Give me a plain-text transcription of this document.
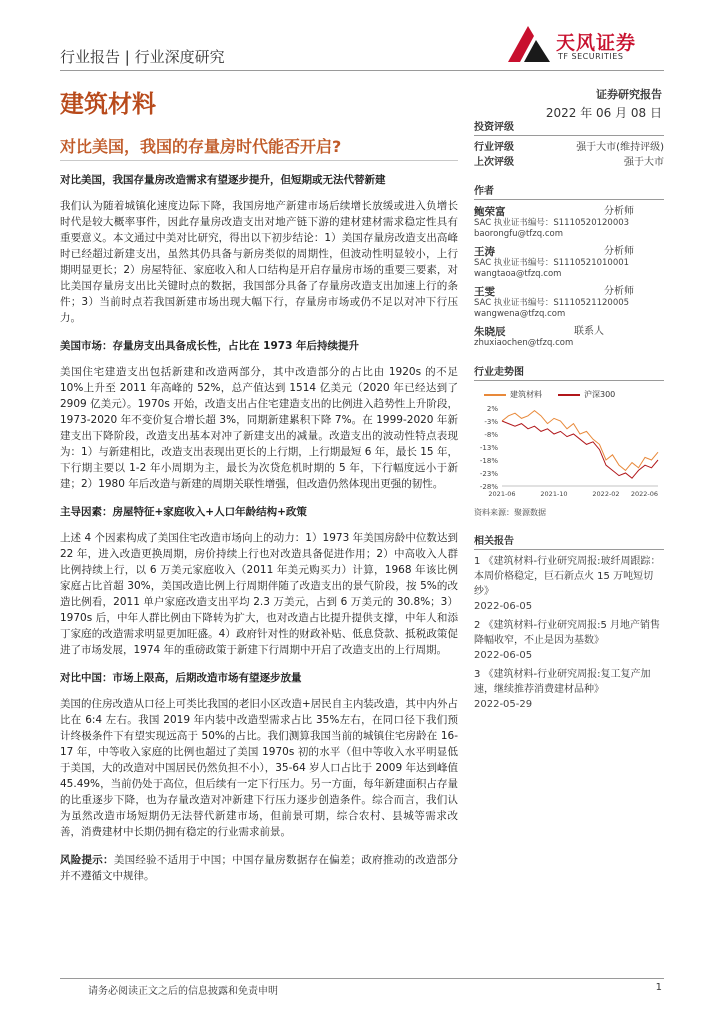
行业报告 | 行业深度研究
建筑材料
天风证券
TF SECURITIES
证券研究报告
2022 年 06 月 08 日
对比美国，我国的存量房时代能否开启?
对比美国，我国存量房改造需求有望逐步提升，但短期或无法代替新建

我们认为随着城镇化速度边际下降，我国房地产新建市场后续增长放缓或进入负增长时代是较大概率事件，因此存量房改造支出对地产链下游的建材建材需求稳定性具有重要意义。本文通过中美对比研究，得出以下初步结论：1）美国存量房改造支出高峰时已经超过新建支出，虽然其仍具备与新房类似的周期性，但波动性明显较小，上行期明显更长；2）房屋特征、家庭收入和人口结构是开启存量房市场的重要三要素，对比美国存量房支出比关键时点的数据，我国部分具备了存量房改造支出加速上行的条件；3）当前时点若我国新建市场出现大幅下行，存量房市场或仍不足以对冲下行压力。

美国市场：存量房支出具备成长性，占比在 1973 年后持续提升

美国住宅建造支出包括新建和改造两部分，其中改造部分的占比由 1920s 的不足 10%上升至 2011 年高峰的 52%，总产值达到 1514 亿美元（2020 年已经达到了 2909 亿美元）。1970s 开始，改造支出占住宅建造支出的比例进入趋势性上升阶段，1973-2020 年不变价复合增长超 3%，同期新建累积下降 7%。在 1999-2020 年新建支出下降阶段，改造支出基本对冲了新建支出的减量。改造支出的波动性特点表现为：1）与新建相比，改造支出表现出更长的上行期，上行期最短 6 年，最长 15 年，下行期主要以 1-2 年小周期为主，最长为次贷危机时期的 5 年，下行幅度远小于新建；2）1980 年后改造与新建的周期关联性增强，但改造仍然体现出更强的韧性。

主导因素：房屋特征+家庭收入+人口年龄结构+政策

上述 4 个因素构成了美国住宅改造市场向上的动力：1）1973 年美国房龄中位数达到 22 年，进入改造更换周期，房价持续上行也对改造具备促进作用；2）中高收入人群比例持续上行，以 6 万美元家庭收入（2011 年美元购买力）计算，1968 年该比例家庭占比首超 30%，美国改造比例上行周期伴随了改造支出的景气阶段，按 5%的改造比例看，2011 单户家庭改造支出平均 2.3 万美元，占到 6 万美元的 30.8%；3）1970s 后，中年人群比例由下降转为扩大，也对改造占比提升提供支撑，中年人和添丁家庭的改造需求明显更加旺盛。4）政府针对性的财政补贴、低息贷款、抵税政策促进了市场发展，1974 年的重磅政策于新建下行周期中开启了改造支出的上行周期。

对比中国：市场上限高，后期改造市场有望逐步放量

美国的住房改造从口径上可类比我国的老旧小区改造+居民自主内装改造，其中内外占比在 6:4 左右。我国 2019 年内装中改造型需求占比 35%左右，在同口径下我们预计终极条件下有望实现远高于 50%的占比。我们测算我国当前的城镇住宅房龄在 16-17 年，中等收入家庭的比例也超过了美国 1970s 初的水平（但中等收入水平明显低于美国，大的改造对中国居民仍然负担不小），35-64 岁人口占比于 2009 年达到峰值 45.49%，当前仍处于高位，但后续有一定下行压力。另一方面，每年新建面积占存量的比重逐步下降，也为存量改造对冲新建下行压力逐步创造条件。综合而言，我们认为虽然改造市场短期仍无法替代新建市场，但前景可期，综合农村、县城等需求改善，消费建材中长期仍拥有稳定的行业需求前景。

风险提示：美国经验不适用于中国；中国存量房数据存在偏差；政府推动的改造部分并不遵循文中规律。

投资评级
行业评级	强于大市(维持评级)
上次评级	强于大市
作者
鲍荣富	分析师
SAC 执业证书编号：S1110520120003
baorongfu@tfzq.com
王涛	分析师
SAC 执业证书编号：S1110521010001
wangtaoa@tfzq.com
王雯	分析师
SAC 执业证书编号：S1110521120005
wangwena@tfzq.com
朱晓辰	联系人
zhuxiaochen@tfzq.com
行业走势图
建筑材料	沪深300
2%
-3%
-8%
-13%
-18%
-23%
-28%
2021-06	2021-10	2022-02 2022-06
资料来源：聚源数据
相关报告
1 《建筑材料-行业研究周报:玻纤周跟踪：本周价格稳定，巨石新点火 15 万吨短切纱》
2022-06-05
2 《建筑材料-行业研究周报:5 月地产销售降幅收窄，不止是因为基数》
2022-06-05
3 《建筑材料-行业研究周报:复工复产加速，继续推荐消费建材品种》
2022-05-29
请务必阅读正文之后的信息披露和免责申明	1
